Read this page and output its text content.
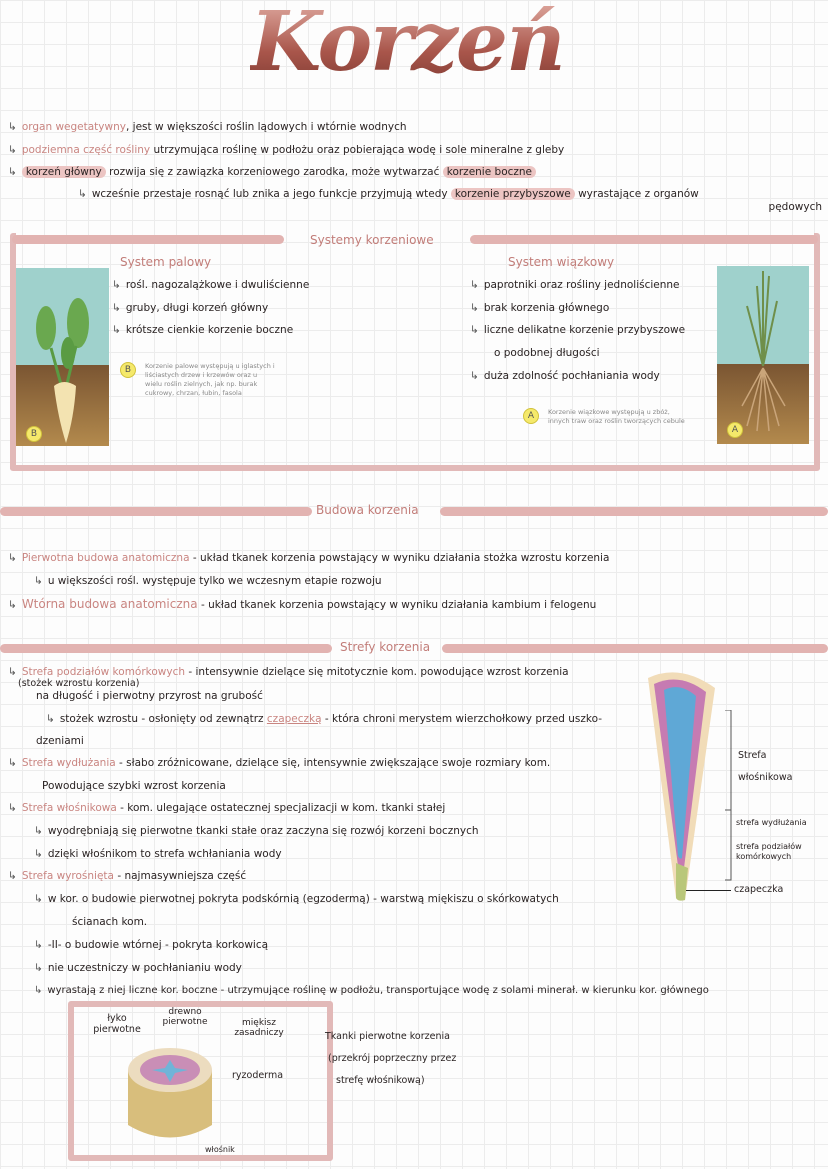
Korzeń
↳ organ wegetatywny, jest w większości roślin lądowych i wtórnie wodnych
↳ podziemna część rośliny utrzymująca roślinę w podłożu oraz pobierająca wodę i sole mineralne z gleby
↳ korzeń główny rozwija się z zawiązka korzeniowego zarodka, może wytwarzać korzenie boczne
↳ wcześnie przestaje rosnąć lub znika a jego funkcje przyjmują wtedy korzenie przybyszowe wyrastające z organów
pędowych
Systemy korzeniowe
B
System palowy
↳ rośl. nagozalążkowe i dwuliścienne
↳ gruby, długi korzeń główny
↳ krótsze cienkie korzenie boczne
B	Korzenie palowe występują u iglastych i liściastych drzew i krzewów oraz u wielu roślin zielnych, jak np. burak cukrowy, chrzan, łubin, fasola
System wiązkowy
↳ paprotniki oraz rośliny jednoliścienne
↳ brak korzenia głównego
↳ liczne delikatne korzenie przybyszowe
o podobnej długości
↳ duża zdolność pochłaniania wody
A	Korzenie wiązkowe występują u zbóż, innych traw oraz roślin tworzących cebule
A
Budowa korzenia
↳ Pierwotna budowa anatomiczna - układ tkanek korzenia powstający w wyniku działania stożka wzrostu korzenia
↳ u większości rośl. występuje tylko we wczesnym etapie rozwoju
↳ Wtórna budowa anatomiczna - układ tkanek korzenia powstający w wyniku działania kambium i felogenu
Strefy korzenia
↳ Strefa podziałów komórkowych - intensywnie dzielące się mitotycznie kom. powodujące wzrost korzenia
(stożek wzrostu korzenia)
na długość i pierwotny przyrost na grubość
↳ stożek wzrostu - osłonięty od zewnątrz czapeczką - która chroni merystem wierzchołkowy przed uszko-
dzeniami
↳ Strefa wydłużania - słabo zróżnicowane, dzielące się, intensywnie zwiększające swoje rozmiary kom.
Powodujące szybki wzrost korzenia
↳ Strefa włośnikowa - kom. ulegające ostatecznej specjalizacji w kom. tkanki stałej
↳ wyodrębniają się pierwotne tkanki stałe oraz zaczyna się rozwój korzeni bocznych
↳ dzięki włośnikom to strefa wchłaniania wody
↳ Strefa wyrośnięta - najmasywniejsza część
↳ w kor. o budowie pierwotnej pokryta podskórnią (egzodermą) - warstwą miękiszu o skórkowatych
ścianach kom.
↳ -II- o budowie wtórnej - pokryta korkowicą
↳ nie uczestniczy w pochłanianiu wody
↳ wyrastają z niej liczne kor. boczne - utrzymujące roślinę w podłożu, transportujące wodę z solami minerał. w kierunku kor. głównego
Strefa włośnikowa
strefa wydłużania
strefa podziałów komórkowych
czapeczka
łyko pierwotne
drewno pierwotne	miękisz zasadniczy
ryzoderma
włośnik
Tkanki pierwotne korzenia
(przekrój poprzeczny przez
strefę włośnikową)
